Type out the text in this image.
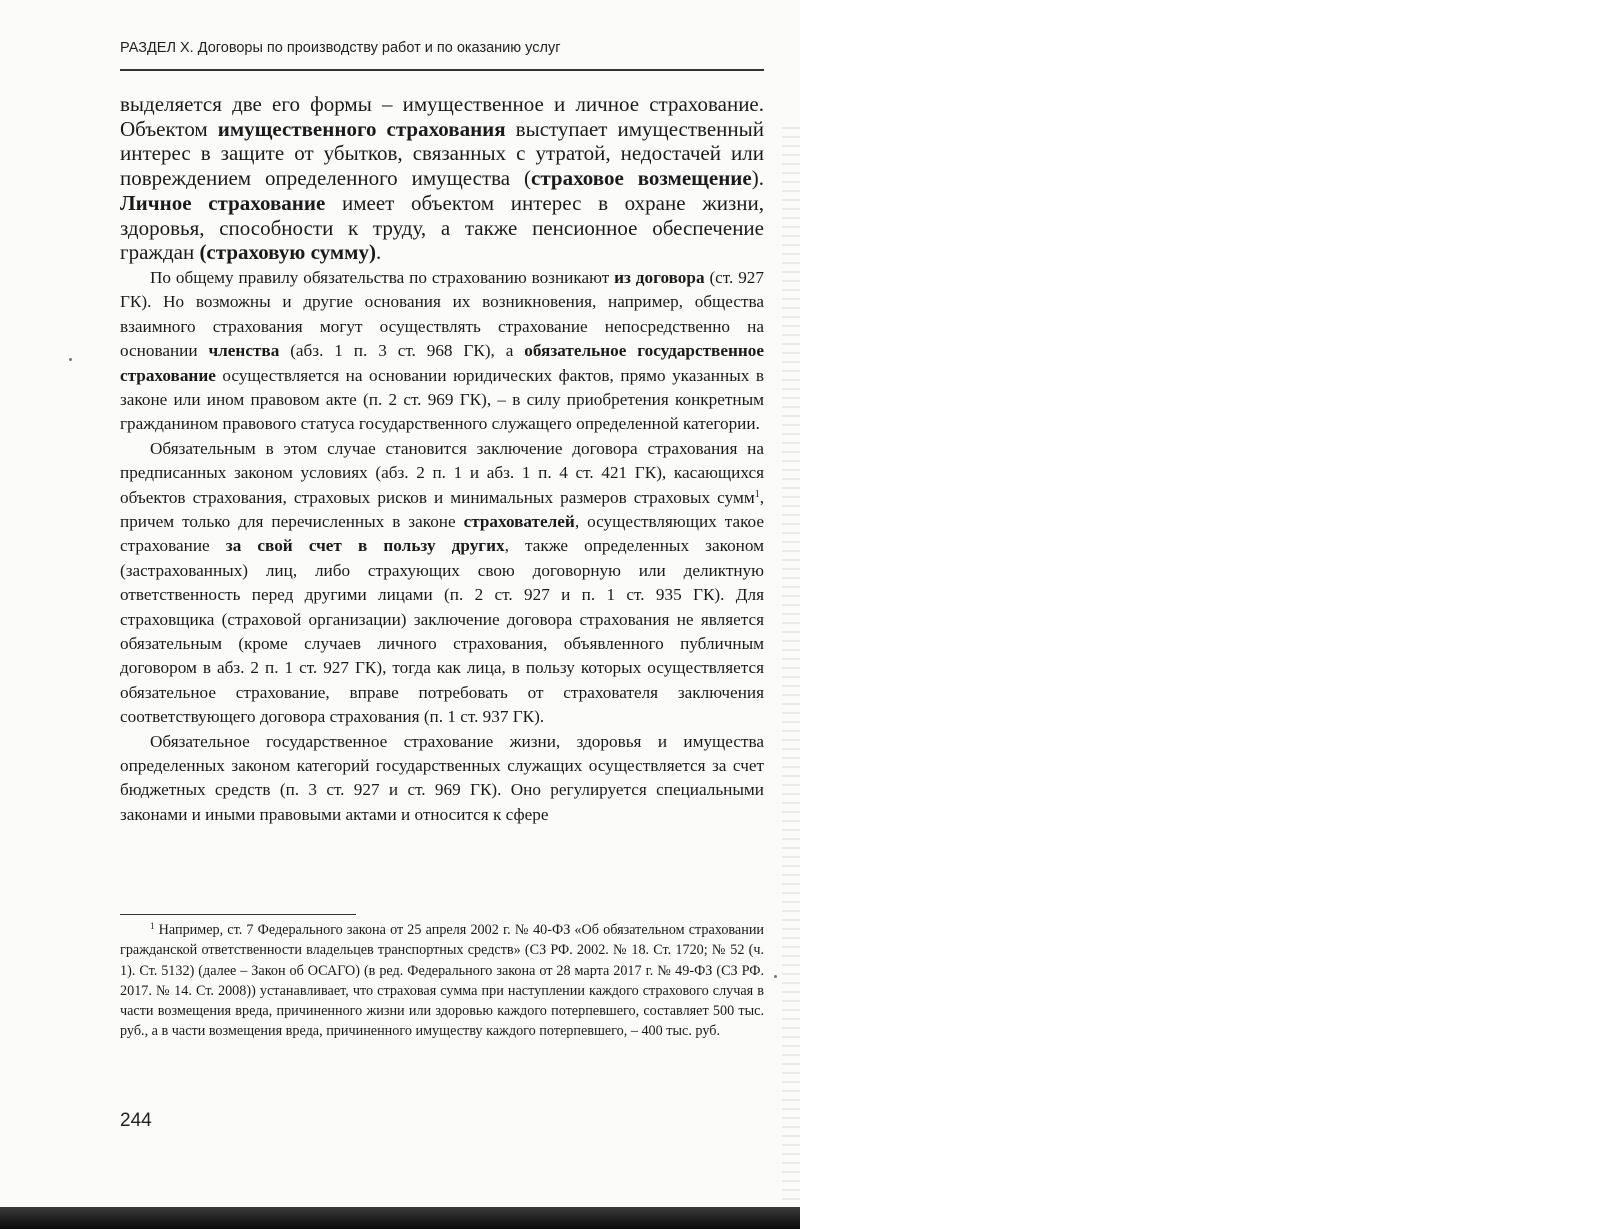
РАЗДЕЛ X. Договоры по производству работ и по оказанию услуг

выделяется две его формы – имущественное и личное страхование. Объектом имущественного страхования выступает имущественный интерес в защите от убытков, связанных с утратой, недостачей или повреждением определенного имущества (страховое возмещение). Личное страхование имеет объектом интерес в охране жизни, здоровья, способности к труду, а также пенсионное обеспечение граждан (страховую сумму).

По общему правилу обязательства по страхованию возникают из договора (ст. 927 ГК). Но возможны и другие основания их возникновения, например, общества взаимного страхования могут осуществлять страхование непосредственно на основании членства (абз. 1 п. 3 ст. 968 ГК), а обязательное государственное страхование осуществляется на основании юридических фактов, прямо указанных в законе или ином правовом акте (п. 2 ст. 969 ГК), – в силу приобретения конкретным гражданином правового статуса государственного служащего определенной категории.

Обязательным в этом случае становится заключение договора страхования на предписанных законом условиях (абз. 2 п. 1 и абз. 1 п. 4 ст. 421 ГК), касающихся объектов страхования, страховых рисков и минимальных размеров страховых сумм$^1$, причем только для перечисленных в законе страхователей, осуществляющих такое страхование за свой счет в пользу других, также определенных законом (застрахованных) лиц, либо страхующих свою договорную или деликтную ответственность перед другими лицами (п. 2 ст. 927 и п. 1 ст. 935 ГК). Для страховщика (страховой организации) заключение договора страхования не является обязательным (кроме случаев личного страхования, объявленного публичным договором в абз. 2 п. 1 ст. 927 ГК), тогда как лица, в пользу которых осуществляется обязательное страхование, вправе потребовать от страхователя заключения соответствующего договора страхования (п. 1 ст. 937 ГК).

Обязательное государственное страхование жизни, здоровья и имущества определенных законом категорий государственных служащих осуществляется за счет бюджетных средств (п. 3 ст. 927 и ст. 969 ГК). Оно регулируется специальными законами и иными правовыми актами и относится к сфере

$^1$ Например, ст. 7 Федерального закона от 25 апреля 2002 г. № 40-ФЗ «Об обязательном страховании гражданской ответственности владельцев транспортных средств» (СЗ РФ. 2002. № 18. Ст. 1720; № 52 (ч. 1). Ст. 5132) (далее – Закон об ОСАГО) (в ред. Федерального закона от 28 марта 2017 г. № 49-ФЗ (СЗ РФ. 2017. № 14. Ст. 2008)) устанавливает, что страховая сумма при наступлении каждого страхового случая в части возмещения вреда, причиненного жизни или здоровью каждого потерпевшего, составляет 500 тыс. руб., а в части возмещения вреда, причиненного имуществу каждого потерпевшего, – 400 тыс. руб.

244
